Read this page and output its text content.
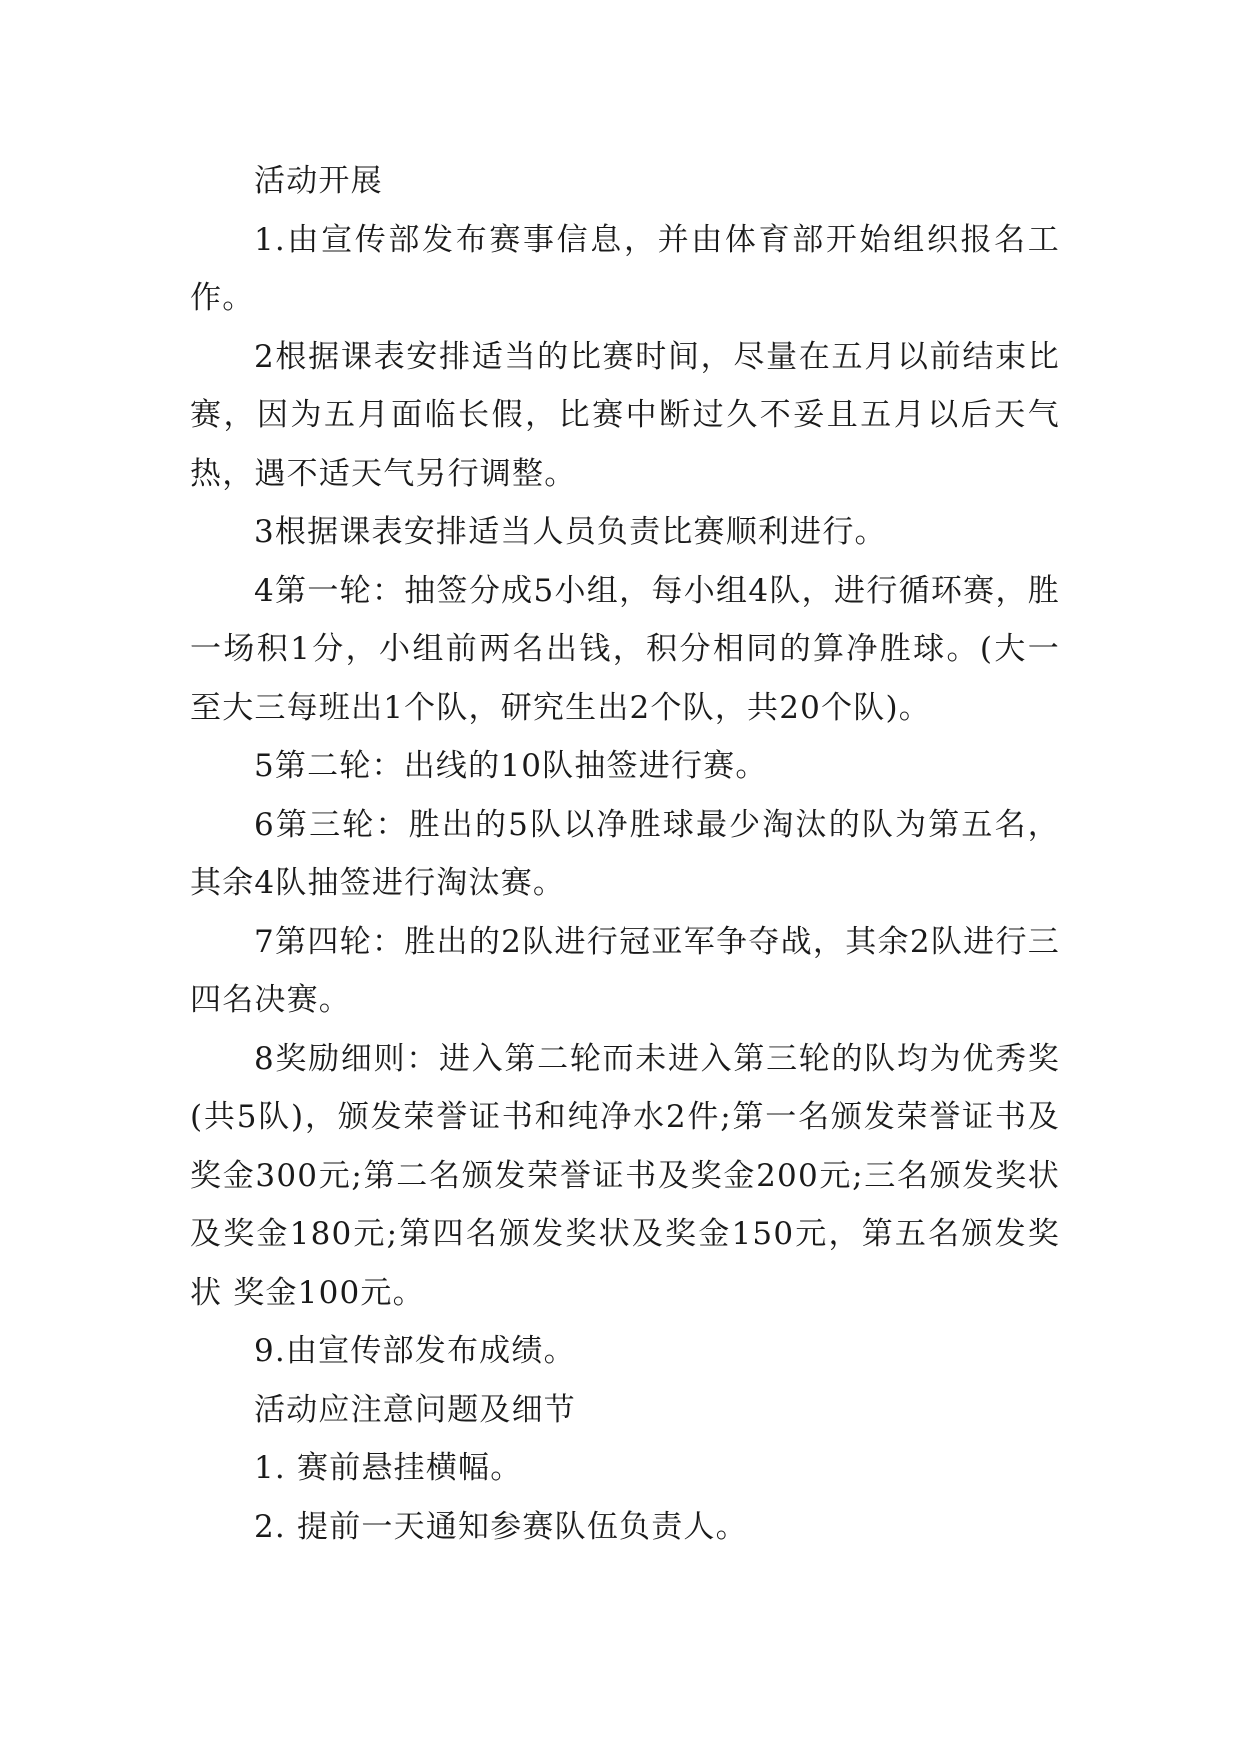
活动开展

1.由宣传部发布赛事信息，并由体育部开始组织报名工作。

2根据课表安排适当的比赛时间，尽量在五月以前结束比赛，因为五月面临长假，比赛中断过久不妥且五月以后天气热，遇不适天气另行调整。

3根据课表安排适当人员负责比赛顺利进行。

4第一轮：抽签分成5小组，每小组4队，进行循环赛，胜一场积1分，小组前两名出钱，积分相同的算净胜球。(大一至大三每班出1个队，研究生出2个队，共20个队)。

5第二轮：出线的10队抽签进行赛。

6第三轮：胜出的5队以净胜球最少淘汰的队为第五名，其余4队抽签进行淘汰赛。

7第四轮：胜出的2队进行冠亚军争夺战，其余2队进行三四名决赛。

8奖励细则：进入第二轮而未进入第三轮的队均为优秀奖(共5队)，颁发荣誉证书和纯净水2件;第一名颁发荣誉证书及奖金300元;第二名颁发荣誉证书及奖金200元;三名颁发奖状及奖金180元;第四名颁发奖状及奖金150元，第五名颁发奖状 奖金100元。

9.由宣传部发布成绩。

活动应注意问题及细节

1. 赛前悬挂横幅。

2. 提前一天通知参赛队伍负责人。
